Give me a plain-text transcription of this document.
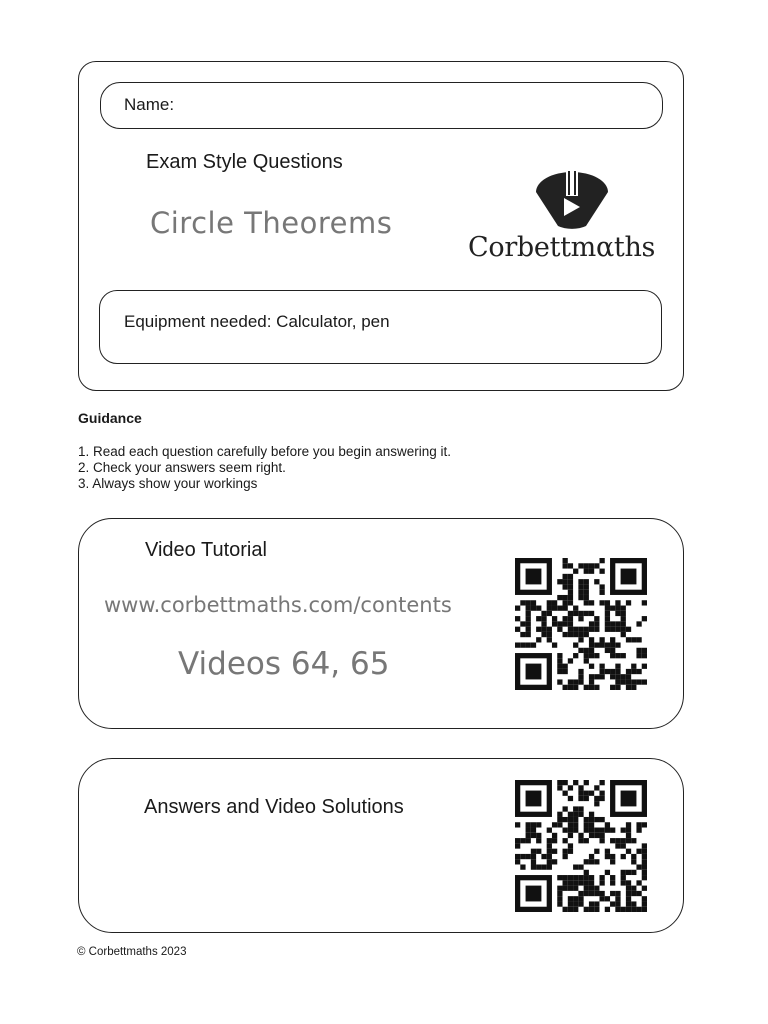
Name:
Exam Style Questions
Circle Theorems
Corbettmαths
Equipment needed: Calculator, pen
Guidance
1. Read each question carefully before you begin answering it.
2. Check your answers seem right.
3. Always show your workings
Video Tutorial
www.corbettmaths.com/contents
Videos 64, 65
Answers and Video Solutions
© Corbettmaths 2023
